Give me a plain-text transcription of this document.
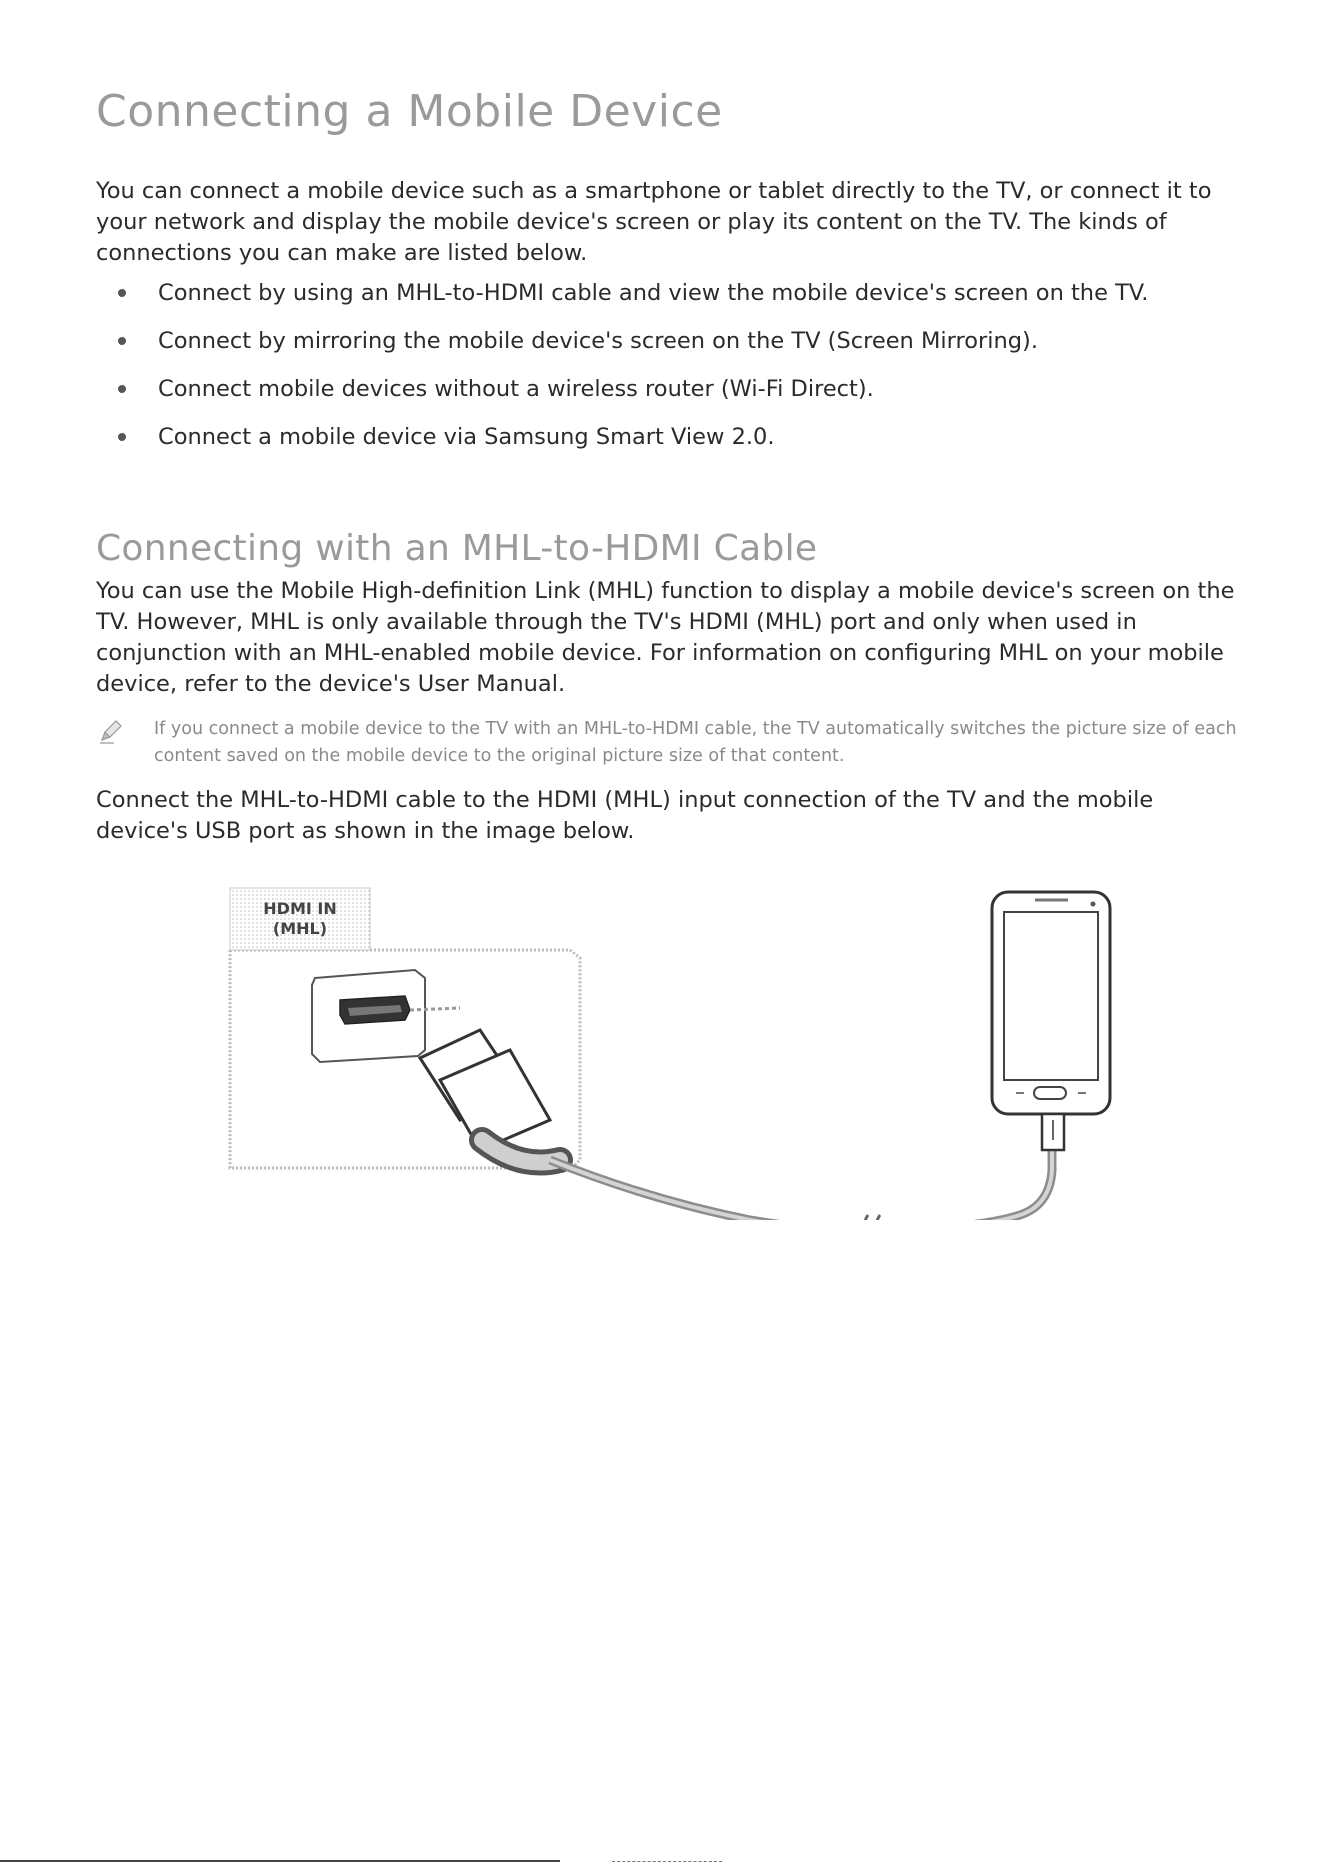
Connecting a Mobile Device

You can connect a mobile device such as a smartphone or tablet directly to the TV, or connect it to your network and display the mobile device's screen or play its content on the TV. The kinds of connections you can make are listed below.

Connect by using an MHL-to-HDMI cable and view the mobile device's screen on the TV.
Connect by mirroring the mobile device's screen on the TV (Screen Mirroring).
Connect mobile devices without a wireless router (Wi-Fi Direct).
Connect a mobile device via Samsung Smart View 2.0.
Connecting with an MHL-to-HDMI Cable

You can use the Mobile High-definition Link (MHL) function to display a mobile device's screen on the TV. However, MHL is only available through the TV's HDMI (MHL) port and only when used in conjunction with an MHL-enabled mobile device. For information on configuring MHL on your mobile device, refer to the device's User Manual.

If you connect a mobile device to the TV with an MHL-to-HDMI cable, the TV automatically switches the picture size of each content saved on the mobile device to the original picture size of that content.

Connect the MHL-to-HDMI cable to the HDMI (MHL) input connection of the TV and the mobile device's USB port as shown in the image below.

HDMI IN
(MHL)
